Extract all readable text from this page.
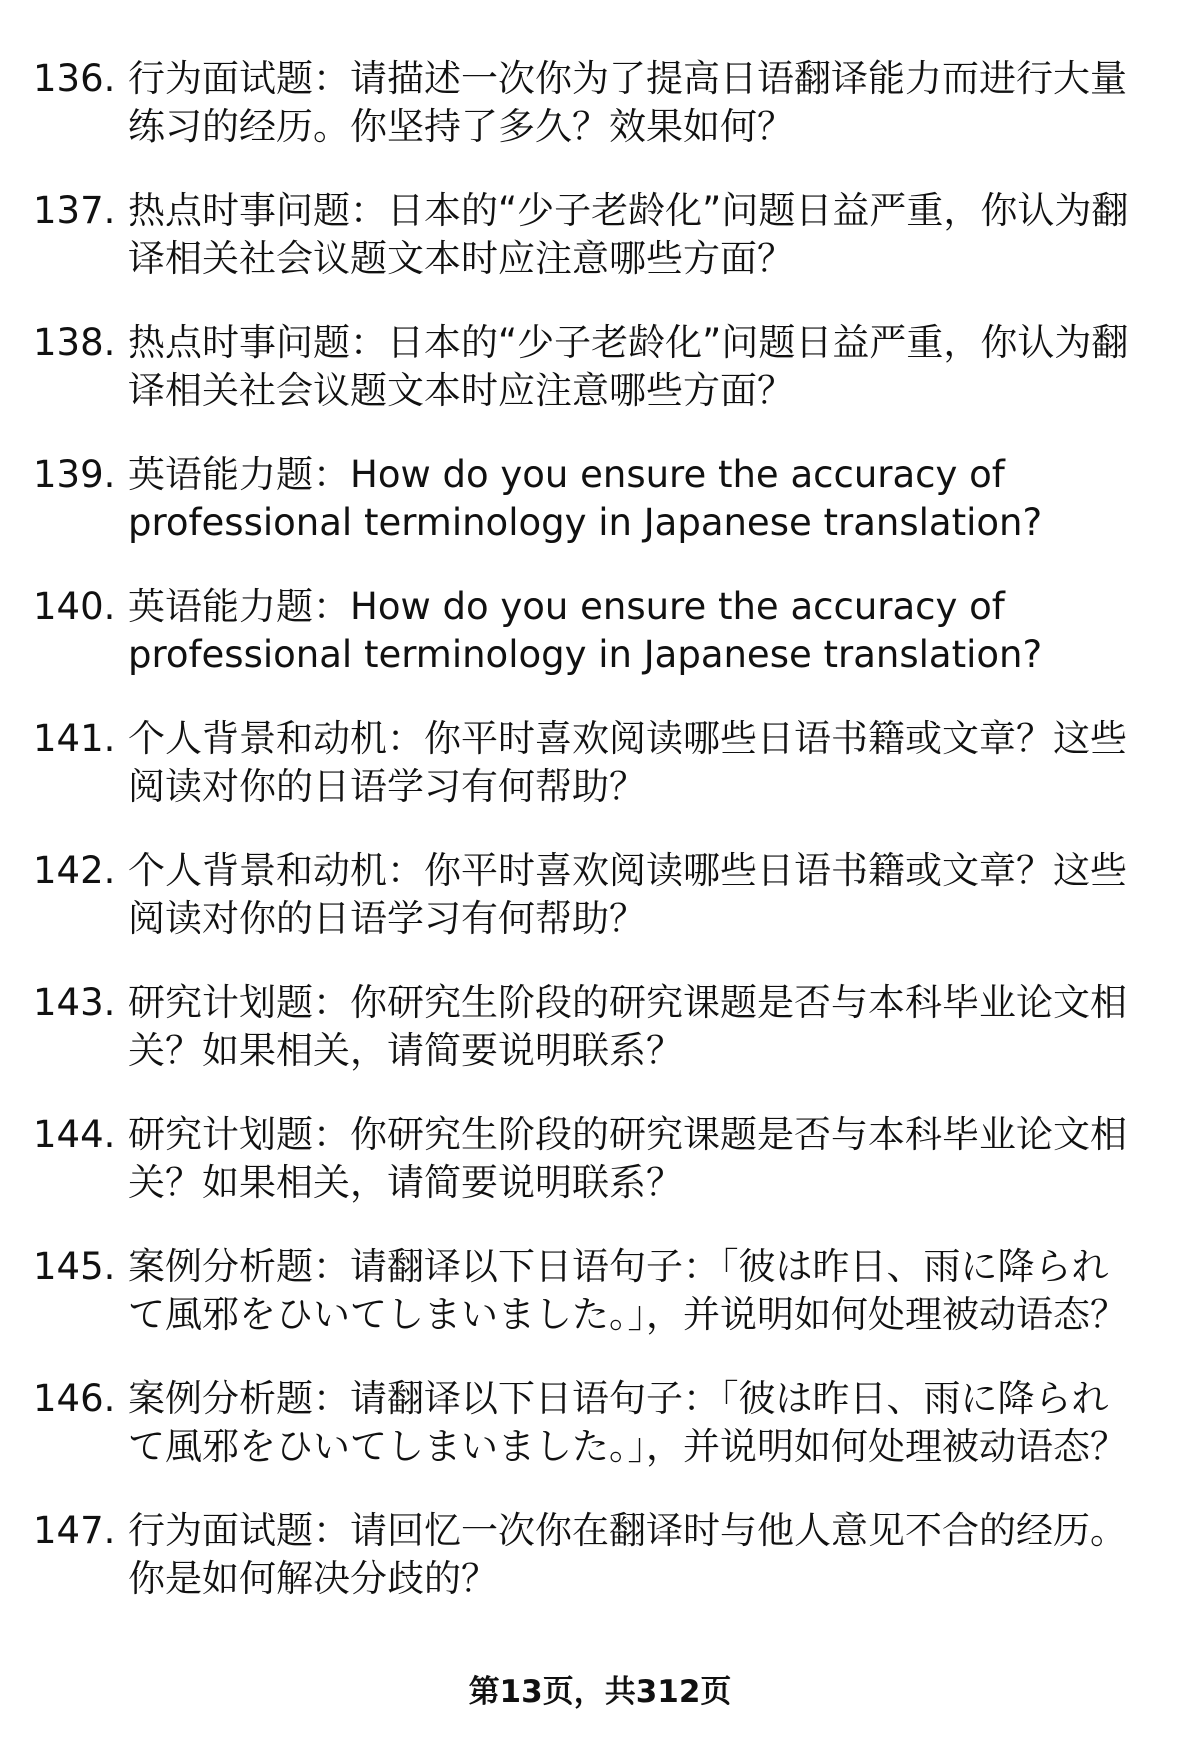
136. 行为面试题：请描述一次你为了提高日语翻译能力而进行大量练习的经历。你坚持了多久？效果如何？
137. 热点时事问题：日本的“少子老龄化”问题日益严重，你认为翻译相关社会议题文本时应注意哪些方面？
138. 热点时事问题：日本的“少子老龄化”问题日益严重，你认为翻译相关社会议题文本时应注意哪些方面？
139. 英语能力题：How do you ensure the accuracy of professional terminology in Japanese translation?
140. 英语能力题：How do you ensure the accuracy of professional terminology in Japanese translation?
141. 个人背景和动机：你平时喜欢阅读哪些日语书籍或文章？这些阅读对你的日语学习有何帮助？
142. 个人背景和动机：你平时喜欢阅读哪些日语书籍或文章？这些阅读对你的日语学习有何帮助？
143. 研究计划题：你研究生阶段的研究课题是否与本科毕业论文相关？如果相关，请简要说明联系？
144. 研究计划题：你研究生阶段的研究课题是否与本科毕业论文相关？如果相关，请简要说明联系？
145. 案例分析题：请翻译以下日语句子：「彼は昨日、雨に降られて風邪をひいてしまいました。」，并说明如何处理被动语态？
146. 案例分析题：请翻译以下日语句子：「彼は昨日、雨に降られて風邪をひいてしまいました。」，并说明如何处理被动语态？
147. 行为面试题：请回忆一次你在翻译时与他人意见不合的经历。你是如何解决分歧的？
第13页，共312页
